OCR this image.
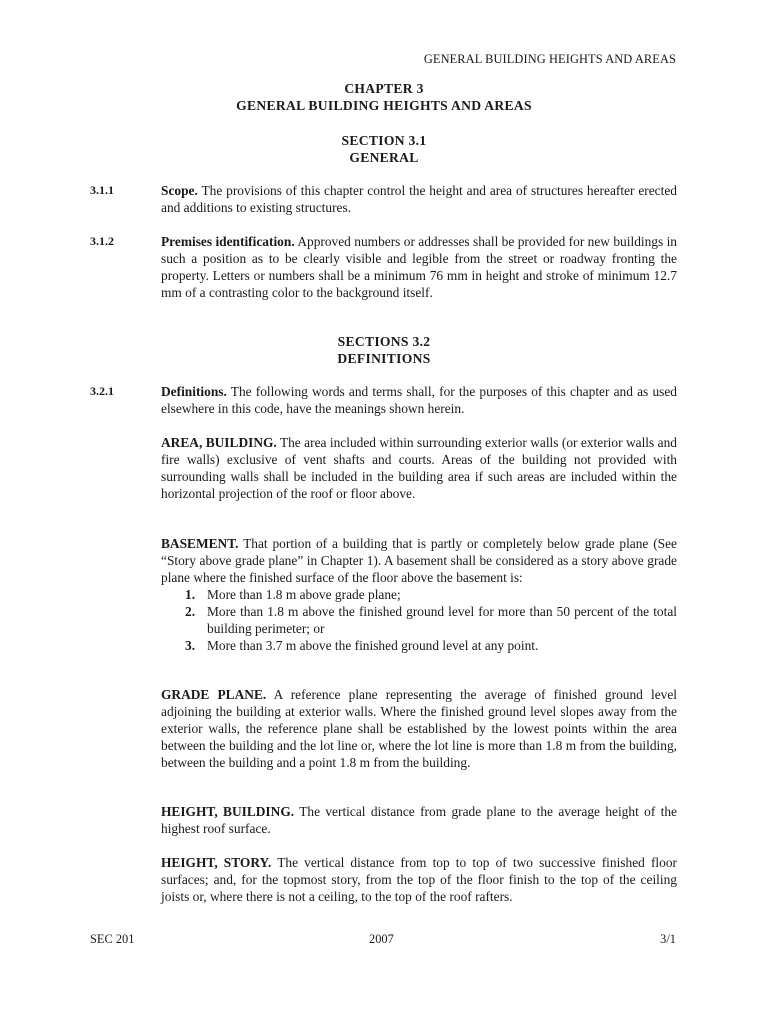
GENERAL BUILDING HEIGHTS AND AREAS
CHAPTER 3
GENERAL BUILDING HEIGHTS AND AREAS
SECTION 3.1
GENERAL
3.1.1	Scope. The provisions of this chapter control the height and area of structures hereafter erected and additions to existing structures.
3.1.2	Premises identification. Approved numbers or addresses shall be provided for new buildings in such a position as to be clearly visible and legible from the street or roadway fronting the property. Letters or numbers shall be a minimum 76 mm in height and stroke of minimum 12.7 mm of a contrasting color to the background itself.
SECTIONS 3.2
DEFINITIONS
3.2.1	Definitions. The following words and terms shall, for the purposes of this chapter and as used elsewhere in this code, have the meanings shown herein.
AREA, BUILDING. The area included within surrounding exterior walls (or exterior walls and fire walls) exclusive of vent shafts and courts. Areas of the building not provided with surrounding walls shall be included in the building area if such areas are included within the horizontal projection of the roof or floor above.
BASEMENT. That portion of a building that is partly or completely below grade plane (See “Story above grade plane” in Chapter 1). A basement shall be considered as a story above grade plane where the finished surface of the floor above the basement is:
1. More than 1.8 m above grade plane;
2. More than 1.8 m above the finished ground level for more than 50 percent of the total building perimeter; or
3. More than 3.7 m above the finished ground level at any point.
GRADE PLANE. A reference plane representing the average of finished ground level adjoining the building at exterior walls. Where the finished ground level slopes away from the exterior walls, the reference plane shall be established by the lowest points within the area between the building and the lot line or, where the lot line is more than 1.8 m from the building, between the building and a point 1.8 m from the building.
HEIGHT, BUILDING. The vertical distance from grade plane to the average height of the highest roof surface.
HEIGHT, STORY. The vertical distance from top to top of two successive finished floor surfaces; and, for the topmost story, from the top of the floor finish to the top of the ceiling joists or, where there is not a ceiling, to the top of the roof rafters.
SEC 201	2007	3/1
